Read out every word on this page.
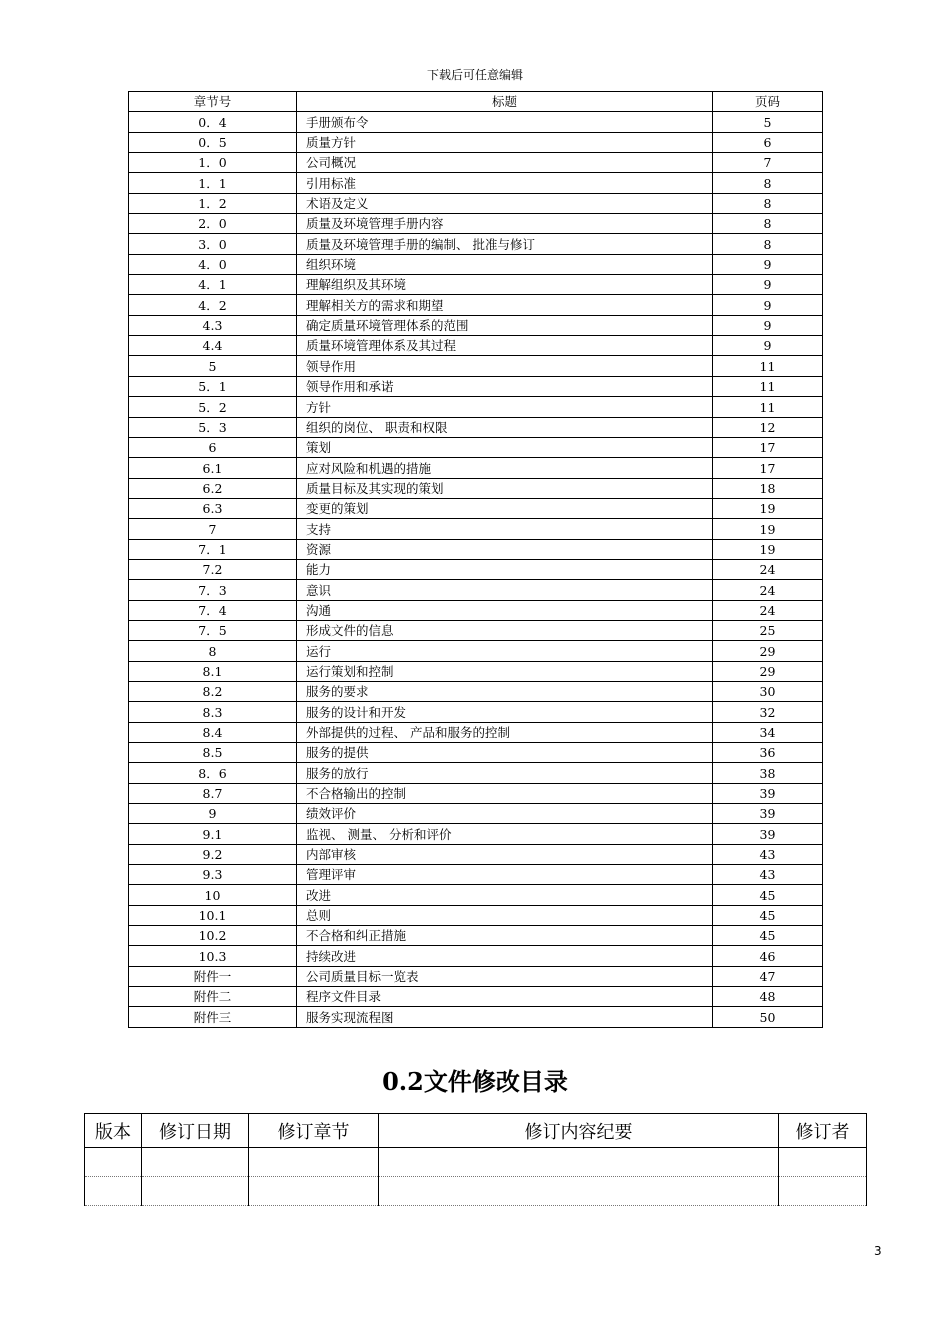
下载后可任意编辑
章节号	标题	页码
0．4	手册颁布令	5
0．5	质量方针	6
1．0	公司概况	7
1．1	引用标准	8
1．2	术语及定义	8
2．0	质量及环境管理手册内容	8
3．0	质量及环境管理手册的编制、 批准与修订	8
4．0	组织环境	9
4．1	理解组织及其环境	9
4．2	理解相关方的需求和期望	9
4.3	确定质量环境管理体系的范围	9
4.4	质量环境管理体系及其过程	9
5	领导作用	11
5．1	领导作用和承诺	11
5．2	方针	11
5．3	组织的岗位、 职责和权限	12
6	策划	17
6.1	应对风险和机遇的措施	17
6.2	质量目标及其实现的策划	18
6.3	变更的策划	19
7	支持	19
7．1	资源	19
7.2	能力	24
7．3	意识	24
7．4	沟通	24
7．5	形成文件的信息	25
8	运行	29
8.1	运行策划和控制	29
8.2	服务的要求	30
8.3	服务的设计和开发	32
8.4	外部提供的过程、 产品和服务的控制	34
8.5	服务的提供	36
8．6	服务的放行	38
8.7	不合格输出的控制	39
9	绩效评价	39
9.1	监视、 测量、 分析和评价	39
9.2	内部审核	43
9.3	管理评审	43
10	改进	45
10.1	总则	45
10.2	不合格和纠正措施	45
10.3	持续改进	46
附件一	公司质量目标一览表	47
附件二	程序文件目录	48
附件三	服务实现流程图	50
0.2文件修改目录
版本	修订日期	修订章节	修订内容纪要	修订者

3
